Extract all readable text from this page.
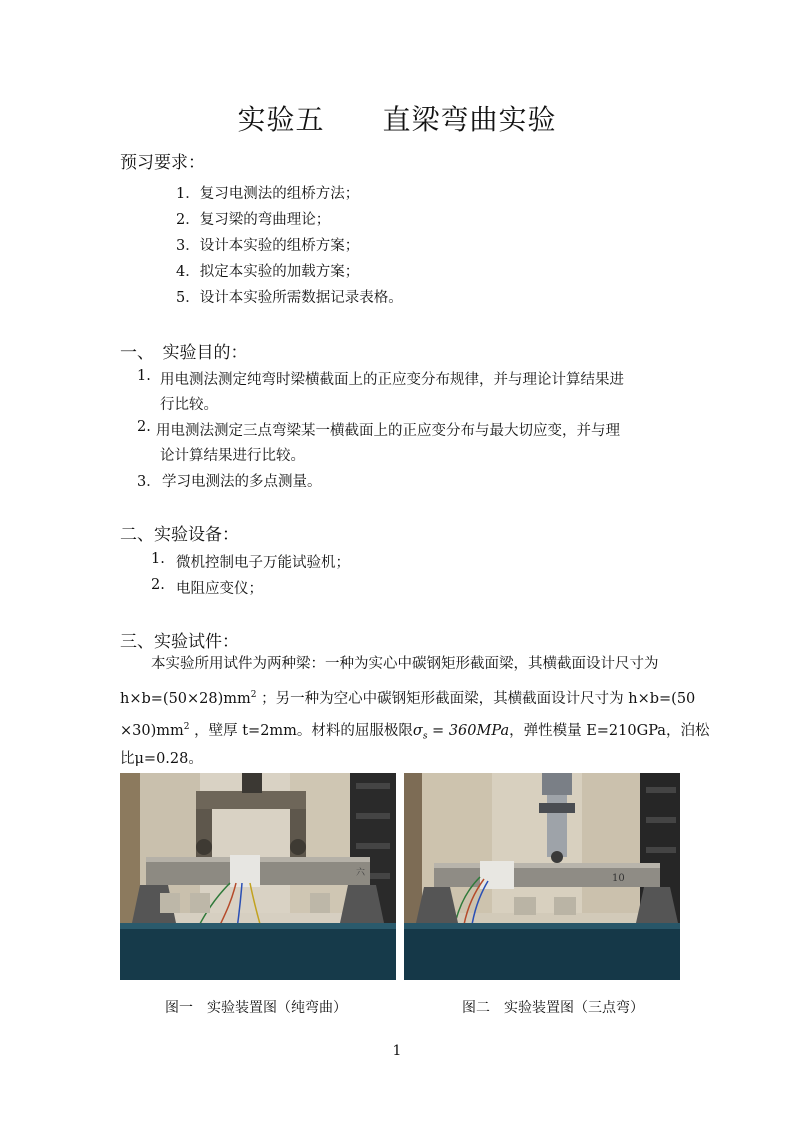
实验五 直梁弯曲实验
预习要求：
1．复习电测法的组桥方法；
2．复习梁的弯曲理论；
3．设计本实验的组桥方案；
4．拟定本实验的加载方案；
5．设计本实验所需数据记录表格。
一、　实验目的：
1. 用电测法测定纯弯时梁横截面上的正应变分布规律，并与理论计算结果进
行比较。
2. 用电测法测定三点弯梁某一横截面上的正应变分布与最大切应变，并与理
论计算结果进行比较。
3． 学习电测法的多点测量。
二、实验设备：
1. 微机控制电子万能试验机；
2. 电阻应变仪；
三、实验试件：
本实验所用试件为两种梁：一种为实心中碳钢矩形截面梁，其横截面设计尺寸为
$h\times b=(50\times 28)mm^2$ ；另一种为空心中碳钢矩形截面梁，其横截面设计尺寸为 h×b=(50
$\times 30)mm^2$ ，壁厚 t=2mm。材料的屈服极限$\sigma_s = 360MPa$，弹性模量 E=210GPa，泊松
比μ=0.28。
六	10
图一　实验装置图（纯弯曲）	图二　实验装置图（三点弯）
1
